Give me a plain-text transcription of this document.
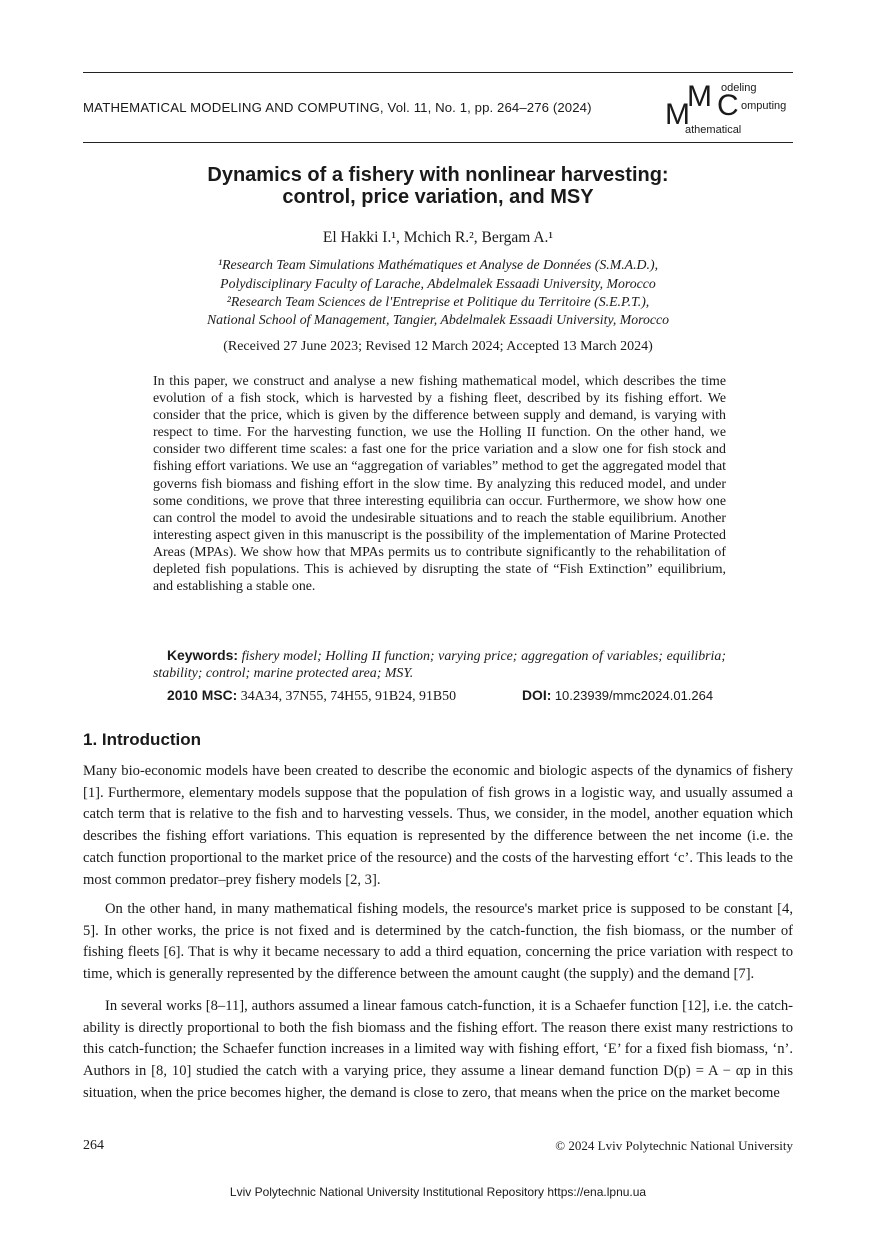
MATHEMATICAL MODELING AND COMPUTING, Vol. 11, No. 1, pp. 264–276 (2024) M
M C
odeling
omputing
athematical
Dynamics of a fishery with nonlinear harvesting:
control, price variation, and MSY
El Hakki I.¹, Mchich R.², Bergam A.¹
¹Research Team Simulations Mathématiques et Analyse de Données (S.M.A.D.),
Polydisciplinary Faculty of Larache, Abdelmalek Essaadi University, Morocco
²Research Team Sciences de l'Entreprise et Politique du Territoire (S.E.P.T.),
National School of Management, Tangier, Abdelmalek Essaadi University, Morocco
(Received 27 June 2023; Revised 12 March 2024; Accepted 13 March 2024)

In this paper, we construct and analyse a new fishing mathematical model, which describes the time evolution of a fish stock, which is harvested by a fishing fleet, described by its fishing effort. We consider that the price, which is given by the difference between supply and demand, is varying with respect to time. For the harvesting function, we use the Holling II function. On the other hand, we consider two different time scales: a fast one for the price variation and a slow one for fish stock and fishing effort variations. We use an “aggregation of variables” method to get the aggregated model that governs fish biomass and fishing effort in the slow time. By analyzing this reduced model, and under some conditions, we prove that three interesting equilibria can occur. Furthermore, we show how one can control the model to avoid the undesirable situations and to reach the stable equilibrium. Another interesting aspect given in this manuscript is the possibility of the implementation of Marine Protected Areas (MPAs). We show how that MPAs permits us to contribute significantly to the rehabilitation of depleted fish populations. This is achieved by disrupting the state of “Fish Extinction” equilibrium, and establishing a stable one.

Keywords: fishery model; Holling II function; varying price; aggregation of variables; equilibria; stability; control; marine protected area; MSY.

2010 MSC: 34A34, 37N55, 74H55, 91B24, 91B50	DOI: 10.23939/mmc2024.01.264
1. Introduction

Many bio-economic models have been created to describe the economic and biologic aspects of the dynamics of fishery [1]. Furthermore, elementary models suppose that the population of fish grows in a logistic way, and usually assumed a catch term that is relative to the fish and to harvesting vessels. Thus, we consider, in the model, another equation which describes the fishing effort variations. This equation is represented by the difference between the net income (i.e. the catch function proportional to the market price of the resource) and the costs of the harvesting effort ‘c’. This leads to the most common predator–prey fishery models [2, 3].

On the other hand, in many mathematical fishing models, the resource's market price is supposed to be constant [4, 5]. In other works, the price is not fixed and is determined by the catch-function, the fish biomass, or the number of fishing fleets [6]. That is why it became necessary to add a third equation, concerning the price variation with respect to time, which is generally represented by the difference between the amount caught (the supply) and the demand [7].

In several works [8–11], authors assumed a linear famous catch-function, it is a Schaefer function [12], i.e. the catch-ability is directly proportional to both the fish biomass and the fishing effort. The reason there exist many restrictions to this catch-function; the Schaefer function increases in a limited way with fishing effort, ‘E’ for a fixed fish biomass, ‘n’. Authors in [8, 10] studied the catch with a varying price, they assume a linear demand function D(p) = A − αp in this situation, when the price becomes higher, the demand is close to zero, that means when the price on the market become

264	© 2024 Lviv Polytechnic National University
Lviv Polytechnic National University Institutional Repository https://ena.lpnu.ua
